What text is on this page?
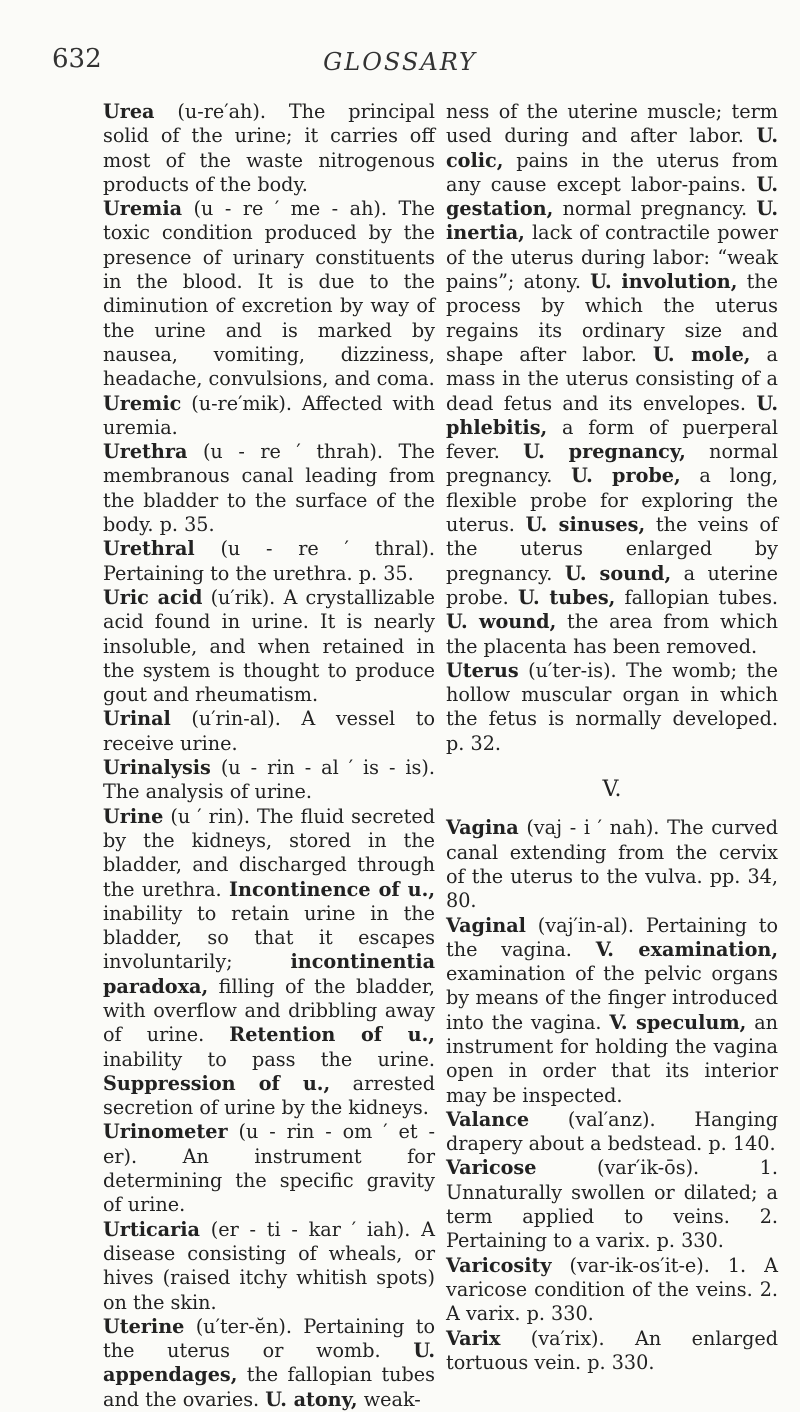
632	GLOSSARY

Urea (u-re′ah). The principal solid of the urine; it carries off most of the waste nitrogenous products of the body.

Uremia (u - re ′ me - ah). The toxic condition produced by the presence of urinary constituents in the blood. It is due to the diminution of excretion by way of the urine and is marked by nausea, vomiting, dizziness, headache, convulsions, and coma.

Uremic (u-re′mik). Affected with uremia.

Urethra (u - re ′ thrah). The membranous canal leading from the bladder to the surface of the body. p. 35.

Urethral (u - re ′ thral). Pertaining to the urethra. p. 35.

Uric acid (u′rik). A crystallizable acid found in urine. It is nearly insoluble, and when retained in the system is thought to produce gout and rheumatism.

Urinal (u′rin-al). A vessel to receive urine.

Urinalysis (u - rin - al ′ is - is). The analysis of urine.

Urine (u ′ rin). The fluid secreted by the kidneys, stored in the bladder, and discharged through the urethra. Incontinence of u., inability to retain urine in the bladder, so that it escapes involuntarily; incontinentia paradoxa, filling of the bladder, with overflow and dribbling away of urine. Retention of u., inability to pass the urine. Suppression of u., arrested secretion of urine by the kidneys.

Urinometer (u - rin - om ′ et - er). An instrument for determining the specific gravity of urine.

Urticaria (er - ti - kar ′ iah). A disease consisting of wheals, or hives (raised itchy whitish spots) on the skin.

Uterine (u′ter-ĕn). Pertaining to the uterus or womb. U. appendages, the fallopian tubes and the ovaries. U. atony, weak-

ness of the uterine muscle; term used during and after labor. U. colic, pains in the uterus from any cause except labor-pains. U. gestation, normal pregnancy. U. inertia, lack of contractile power of the uterus during labor: “weak pains”; atony. U. involution, the process by which the uterus regains its ordinary size and shape after labor. U. mole, a mass in the uterus consisting of a dead fetus and its envelopes. U. phlebitis, a form of puerperal fever. U. pregnancy, normal pregnancy. U. probe, a long, flexible probe for exploring the uterus. U. sinuses, the veins of the uterus enlarged by pregnancy. U. sound, a uterine probe. U. tubes, fallopian tubes. U. wound, the area from which the placenta has been removed.

Uterus (u′ter-is). The womb; the hollow muscular organ in which the fetus is normally developed. p. 32.

V.

Vagina (vaj - i ′ nah). The curved canal extending from the cervix of the uterus to the vulva. pp. 34, 80.

Vaginal (vaj′in-al). Pertaining to the vagina. V. examination, examination of the pelvic organs by means of the finger introduced into the vagina. V. speculum, an instrument for holding the vagina open in order that its interior may be inspected.

Valance (val′anz). Hanging drapery about a bedstead. p. 140.

Varicose (var′ik-ōs). 1. Unnaturally swollen or dilated; a term applied to veins. 2. Pertaining to a varix. p. 330.

Varicosity (var-ik-os′it-e). 1. A varicose condition of the veins. 2. A varix. p. 330.

Varix (va′rix). An enlarged tortuous vein. p. 330.
